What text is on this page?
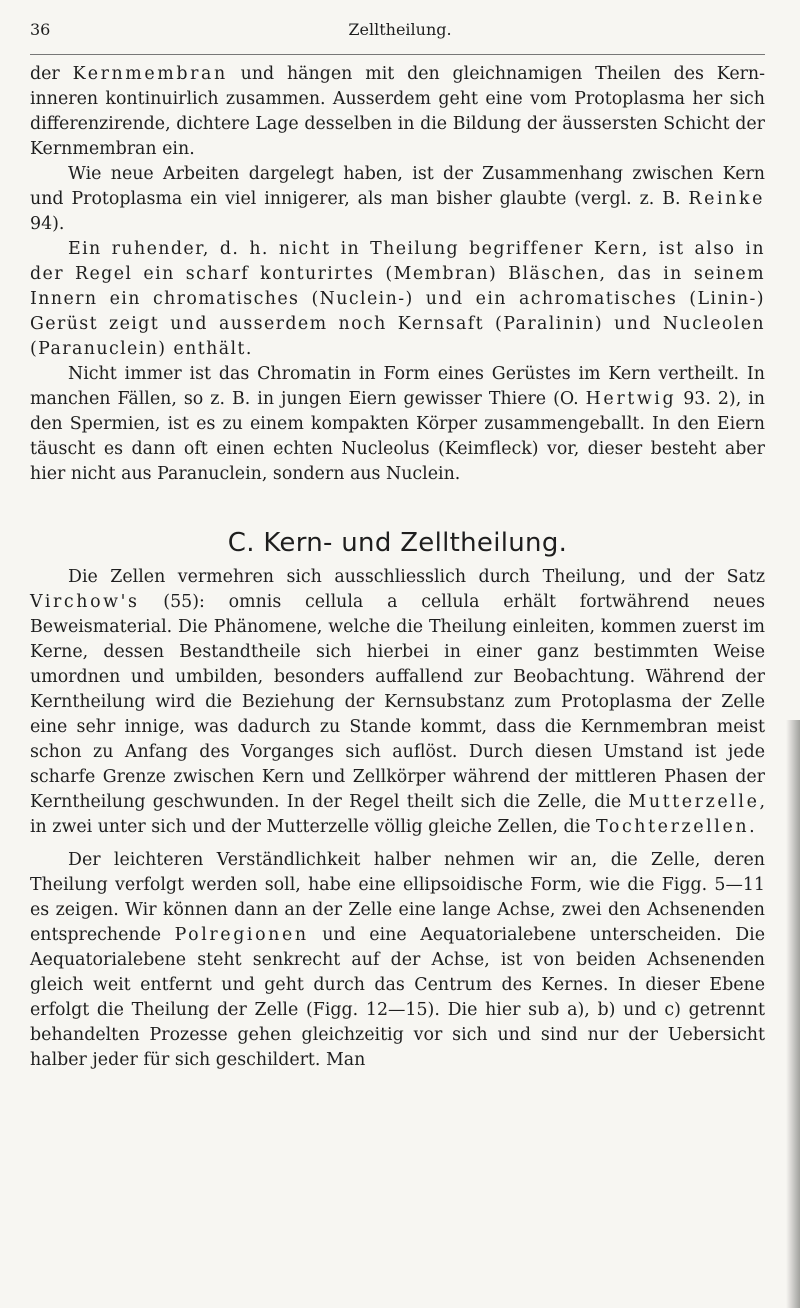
36	Zelltheilung.

der Kernmembran und hängen mit den gleichnamigen Theilen des Kern-inneren kontinuirlich zusammen. Ausserdem geht eine vom Protoplasma her sich differenzirende, dichtere Lage desselben in die Bildung der äussersten Schicht der Kernmembran ein.

Wie neue Arbeiten dargelegt haben, ist der Zusammenhang zwischen Kern und Protoplasma ein viel innigerer, als man bisher glaubte (vergl. z. B. Reinke 94).

Ein ruhender, d. h. nicht in Theilung begriffener Kern, ist also in der Regel ein scharf konturirtes (Membran) Bläschen, das in seinem Innern ein chromatisches (Nuclein-) und ein achromatisches (Linin-) Gerüst zeigt und ausserdem noch Kernsaft (Paralinin) und Nucleolen (Paranuclein) enthält.

Nicht immer ist das Chromatin in Form eines Gerüstes im Kern vertheilt. In manchen Fällen, so z. B. in jungen Eiern gewisser Thiere (O. Hertwig 93. 2), in den Spermien, ist es zu einem kompakten Körper zusammengeballt. In den Eiern täuscht es dann oft einen echten Nucleolus (Keimfleck) vor, dieser besteht aber hier nicht aus Paranuclein, sondern aus Nuclein.

C. Kern- und Zelltheilung.

Die Zellen vermehren sich ausschliesslich durch Theilung, und der Satz Virchow's (55): omnis cellula a cellula erhält fortwährend neues Beweismaterial. Die Phänomene, welche die Theilung einleiten, kommen zuerst im Kerne, dessen Bestandtheile sich hierbei in einer ganz bestimmten Weise umordnen und umbilden, besonders auffallend zur Beobachtung. Während der Kerntheilung wird die Beziehung der Kernsubstanz zum Protoplasma der Zelle eine sehr innige, was dadurch zu Stande kommt, dass die Kernmembran meist schon zu Anfang des Vorganges sich auflöst. Durch diesen Umstand ist jede scharfe Grenze zwischen Kern und Zellkörper während der mittleren Phasen der Kerntheilung geschwunden. In der Regel theilt sich die Zelle, die Mutterzelle, in zwei unter sich und der Mutterzelle völlig gleiche Zellen, die Tochterzellen.

Der leichteren Verständlichkeit halber nehmen wir an, die Zelle, deren Theilung verfolgt werden soll, habe eine ellipsoidische Form, wie die Figg. 5—11 es zeigen. Wir können dann an der Zelle eine lange Achse, zwei den Achsenenden entsprechende Polregionen und eine Aequatorialebene unterscheiden. Die Aequatorialebene steht senkrecht auf der Achse, ist von beiden Achsenenden gleich weit entfernt und geht durch das Centrum des Kernes. In dieser Ebene erfolgt die Theilung der Zelle (Figg. 12—15). Die hier sub a), b) und c) getrennt behandelten Prozesse gehen gleichzeitig vor sich und sind nur der Uebersicht halber jeder für sich geschildert. Man
